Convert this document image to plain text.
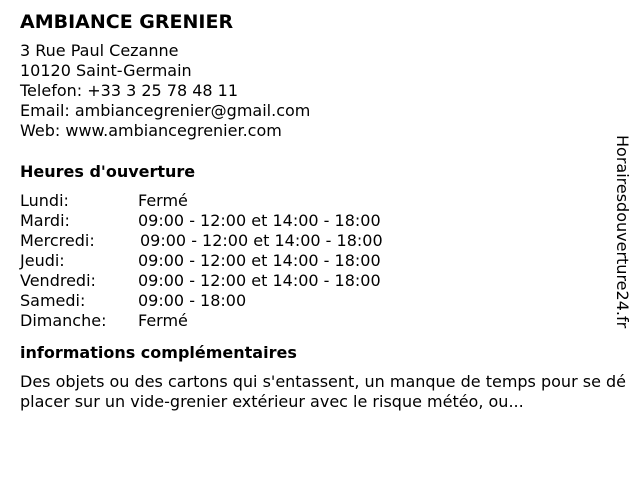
AMBIANCE GRENIER
3 Rue Paul Cezanne
10120 Saint-Germain
Telefon: +33 3 25 78 48 11
Email: ambiancegrenier@gmail.com
Web: www.ambiancegrenier.com
Heures d'ouverture
Lundi:	Fermé
Mardi:	09:00 - 12:00 et 14:00 - 18:00
Mercredi:	09:00 - 12:00 et 14:00 - 18:00
Jeudi:	09:00 - 12:00 et 14:00 - 18:00
Vendredi:	09:00 - 12:00 et 14:00 - 18:00
Samedi:	09:00 - 18:00
Dimanche: Fermé
informations complémentaires
Des objets ou des cartons qui s'entassent, un manque de temps pour se déplacer sur un vide-grenier extérieur avec le risque météo, ou...
Horairesdouverture24.fr
